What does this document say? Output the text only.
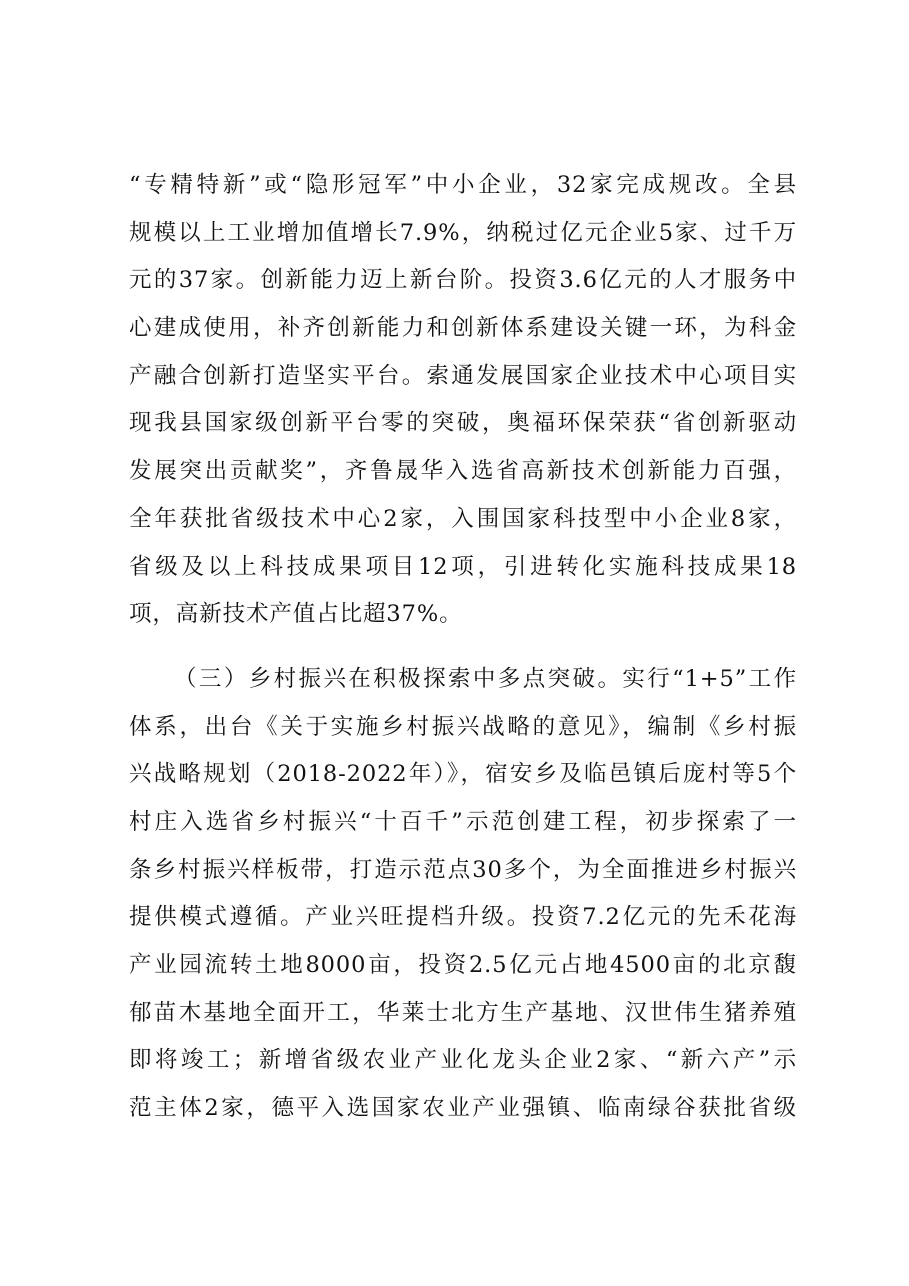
“专精特新”或“隐形冠军”中小企业，32家完成规改。全县
规模以上工业增加值增长7.9%，纳税过亿元企业5家、过千万
元的37家。创新能力迈上新台阶。投资3.6亿元的人才服务中
心建成使用，补齐创新能力和创新体系建设关键一环，为科金
产融合创新打造坚实平台。索通发展国家企业技术中心项目实
现我县国家级创新平台零的突破，奥福环保荣获“省创新驱动
发展突出贡献奖”，齐鲁晟华入选省高新技术创新能力百强，
全年获批省级技术中心2家，入围国家科技型中小企业8家，
省级及以上科技成果项目12项，引进转化实施科技成果18
项，高新技术产值占比超37%。
（三）乡村振兴在积极探索中多点突破。实行“1+5”工作
体系，出台《关于实施乡村振兴战略的意见》，编制《乡村振
兴战略规划（2018-2022年）》，宿安乡及临邑镇后庞村等5个
村庄入选省乡村振兴“十百千”示范创建工程，初步探索了一
条乡村振兴样板带，打造示范点30多个，为全面推进乡村振兴
提供模式遵循。产业兴旺提档升级。投资7.2亿元的先禾花海
产业园流转土地8000亩，投资2.5亿元占地4500亩的北京馥
郁苗木基地全面开工，华莱士北方生产基地、汉世伟生猪养殖
即将竣工；新增省级农业产业化龙头企业2家、“新六产”示
范主体2家，德平入选国家农业产业强镇、临南绿谷获批省级
